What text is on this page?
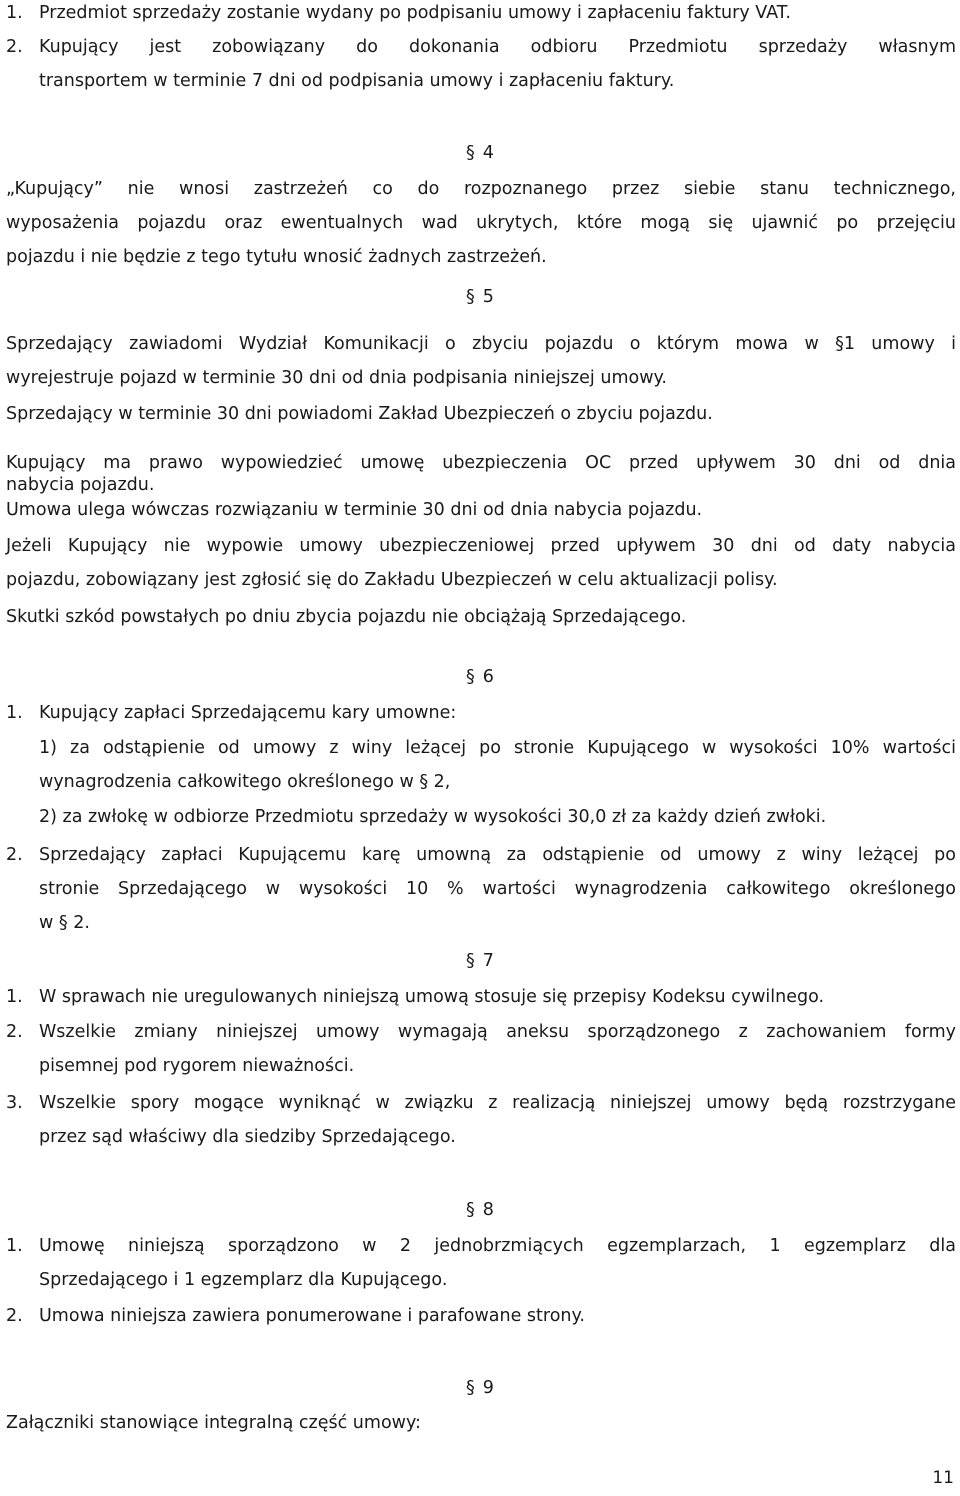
1. Przedmiot sprzedaży zostanie wydany po podpisaniu umowy i zapłaceniu faktury VAT.
2. Kupujący jest zobowiązany do dokonania odbioru Przedmiotu sprzedaży własnym
transportem w terminie 7 dni od podpisania umowy i zapłaceniu faktury.
§ 4
„Kupujący” nie wnosi zastrzeżeń co do rozpoznanego przez siebie stanu technicznego,
wyposażenia pojazdu oraz ewentualnych wad ukrytych, które mogą się ujawnić po przejęciu
pojazdu i nie będzie z tego tytułu wnosić żadnych zastrzeżeń.
§ 5
Sprzedający zawiadomi Wydział Komunikacji o zbyciu pojazdu o którym mowa w §1 umowy i
wyrejestruje pojazd w terminie 30 dni od dnia podpisania niniejszej umowy.
Sprzedający w terminie 30 dni powiadomi Zakład Ubezpieczeń o zbyciu pojazdu.
Kupujący ma prawo wypowiedzieć umowę ubezpieczenia OC przed upływem 30 dni od dnia
nabycia pojazdu.
Umowa ulega wówczas rozwiązaniu w terminie 30 dni od dnia nabycia pojazdu.
Jeżeli Kupujący nie wypowie umowy ubezpieczeniowej przed upływem 30 dni od daty nabycia
pojazdu, zobowiązany jest zgłosić się do Zakładu Ubezpieczeń w celu aktualizacji polisy.
Skutki szkód powstałych po dniu zbycia pojazdu nie obciążają Sprzedającego.
§ 6
1. Kupujący zapłaci Sprzedającemu kary umowne:
1) za odstąpienie od umowy z winy leżącej po stronie Kupującego w wysokości 10% wartości
wynagrodzenia całkowitego określonego w § 2,
2) za zwłokę w odbiorze Przedmiotu sprzedaży w wysokości 30,0 zł za każdy dzień zwłoki.
2. Sprzedający zapłaci Kupującemu karę umowną za odstąpienie od umowy z winy leżącej po
stronie Sprzedającego w wysokości 10 % wartości wynagrodzenia całkowitego określonego
w § 2.
§ 7
1. W sprawach nie uregulowanych niniejszą umową stosuje się przepisy Kodeksu cywilnego.
2. Wszelkie zmiany niniejszej umowy wymagają aneksu sporządzonego z zachowaniem formy
pisemnej pod rygorem nieważności.
3. Wszelkie spory mogące wyniknąć w związku z realizacją niniejszej umowy będą rozstrzygane
przez sąd właściwy dla siedziby Sprzedającego.
§ 8
1. Umowę niniejszą sporządzono w 2 jednobrzmiących egzemplarzach, 1 egzemplarz dla
Sprzedającego i 1 egzemplarz dla Kupującego.
2. Umowa niniejsza zawiera ponumerowane i parafowane strony.
§ 9
Załączniki stanowiące integralną część umowy:
11
